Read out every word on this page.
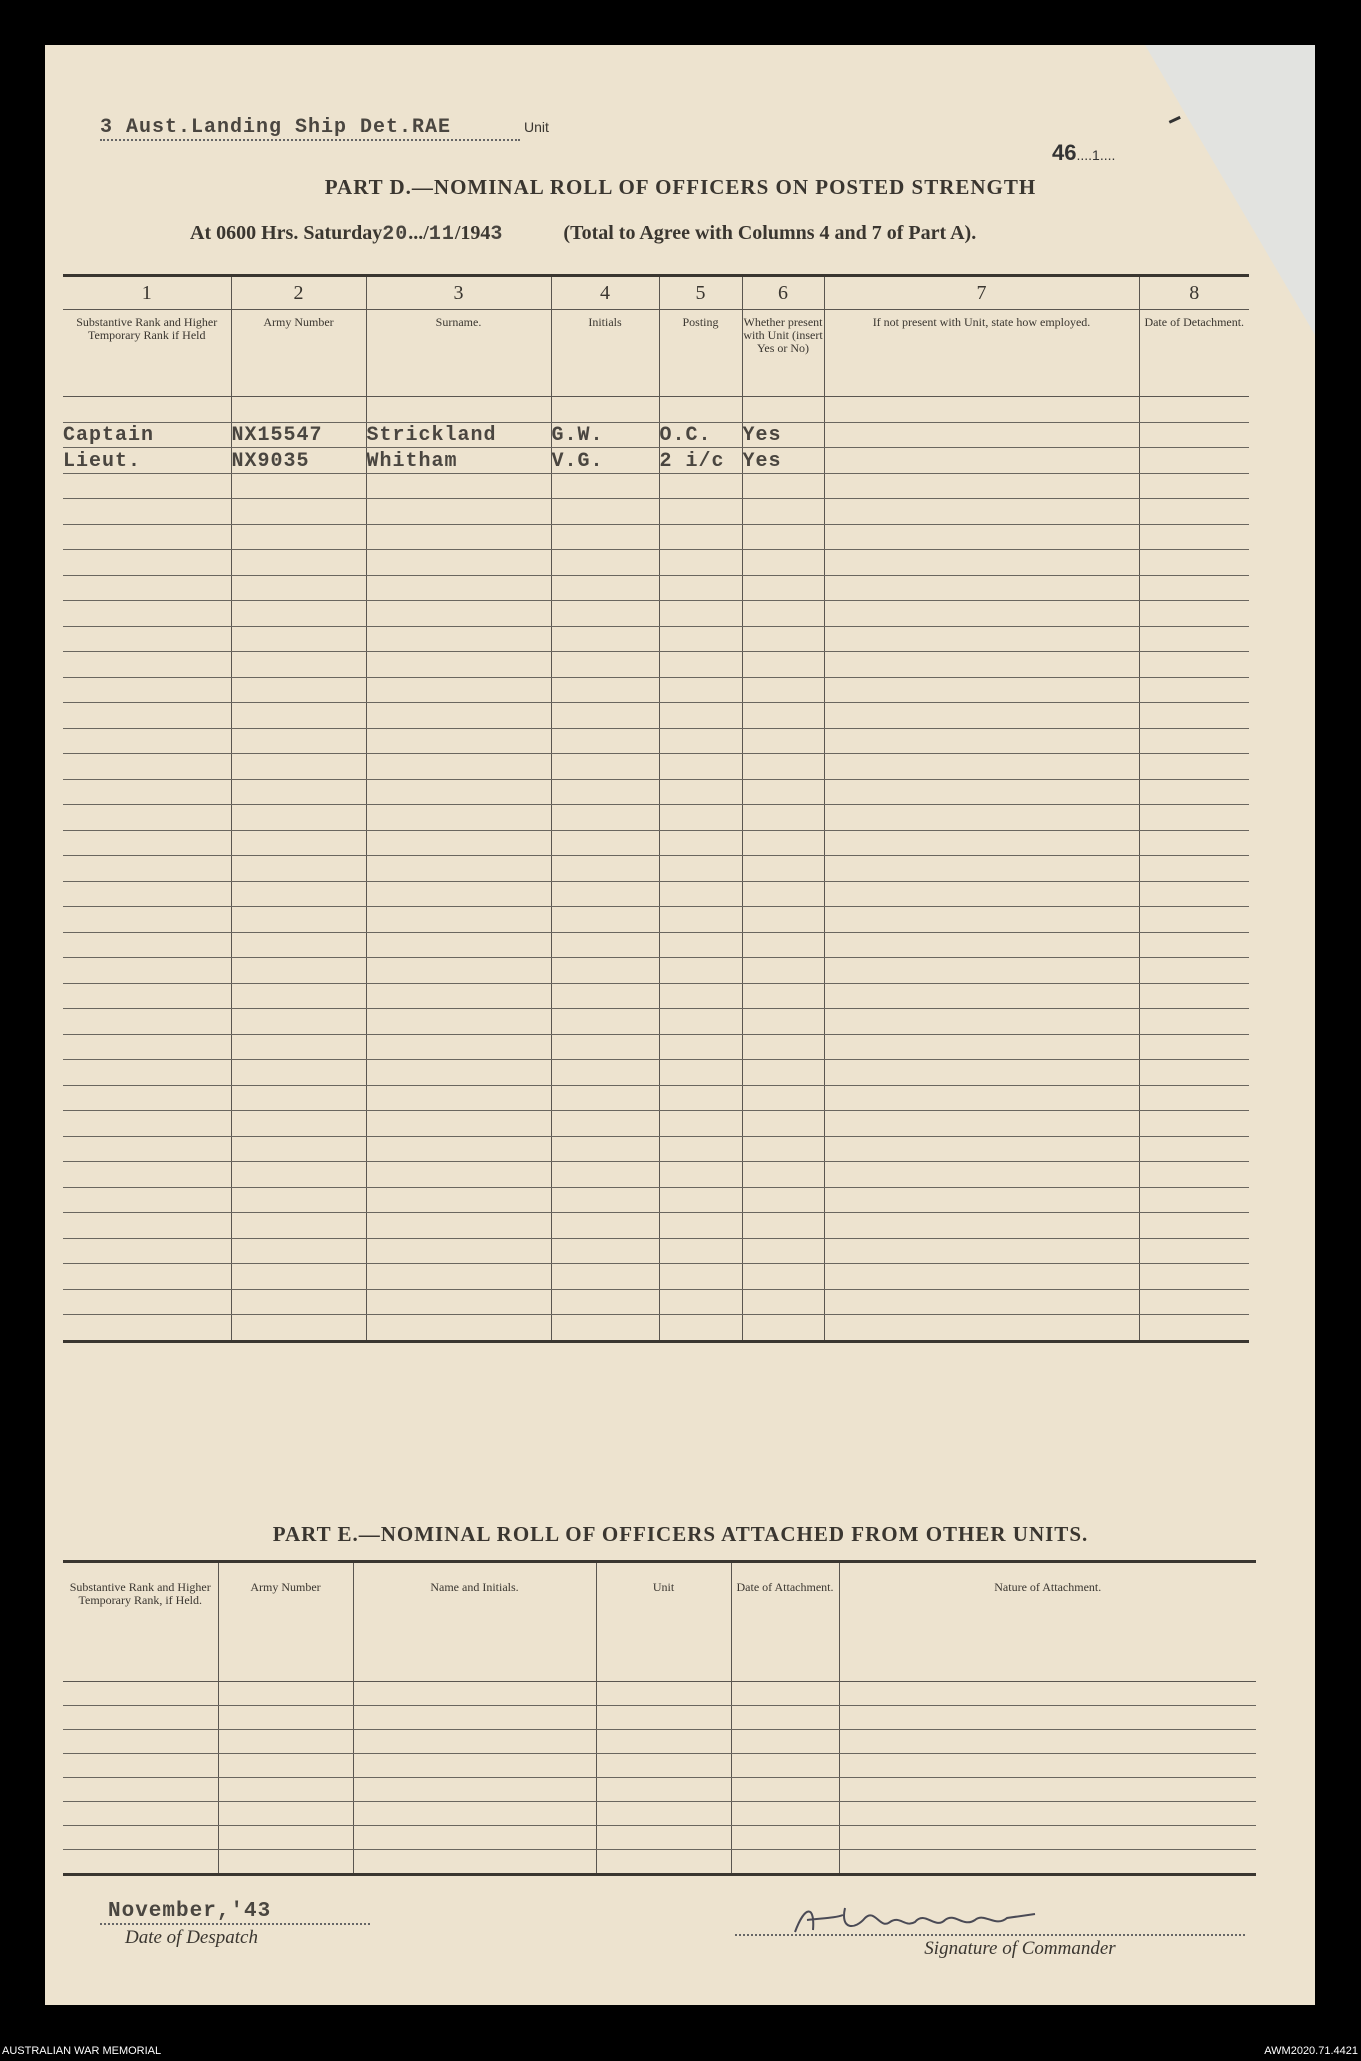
3 Aust.Landing Ship Det.RAE	Unit
46....1....
PART D.—NOMINAL ROLL OF OFFICERS ON POSTED STRENGTH
At 0600 Hrs. Saturday20.../11/1943	(Total to Agree with Columns 4 and 7 of Part A).
1	2	3	4	5	6	7	8
Substantive Rank and Higher Temporary Rank if Held	Army Number	Surname.	Initials	Posting	Whether present with Unit (insert Yes or No)	If not present with Unit, state how employed.	Date of Detachment.

Captain	NX15547	Strickland	G.W.	O.C.	Yes		
Lieut.	NX9035	Whitham	V.G.	2 i/c	Yes		

PART E.—NOMINAL ROLL OF OFFICERS ATTACHED FROM OTHER UNITS.
Substantive Rank and Higher Temporary Rank, if Held.	Army Number	Name and Initials.	Unit	Date of Attachment.	Nature of Attachment.

November,'43
Date of Despatch
Signature of Commander
AUSTRALIAN WAR MEMORIAL	AWM2020.71.4421
